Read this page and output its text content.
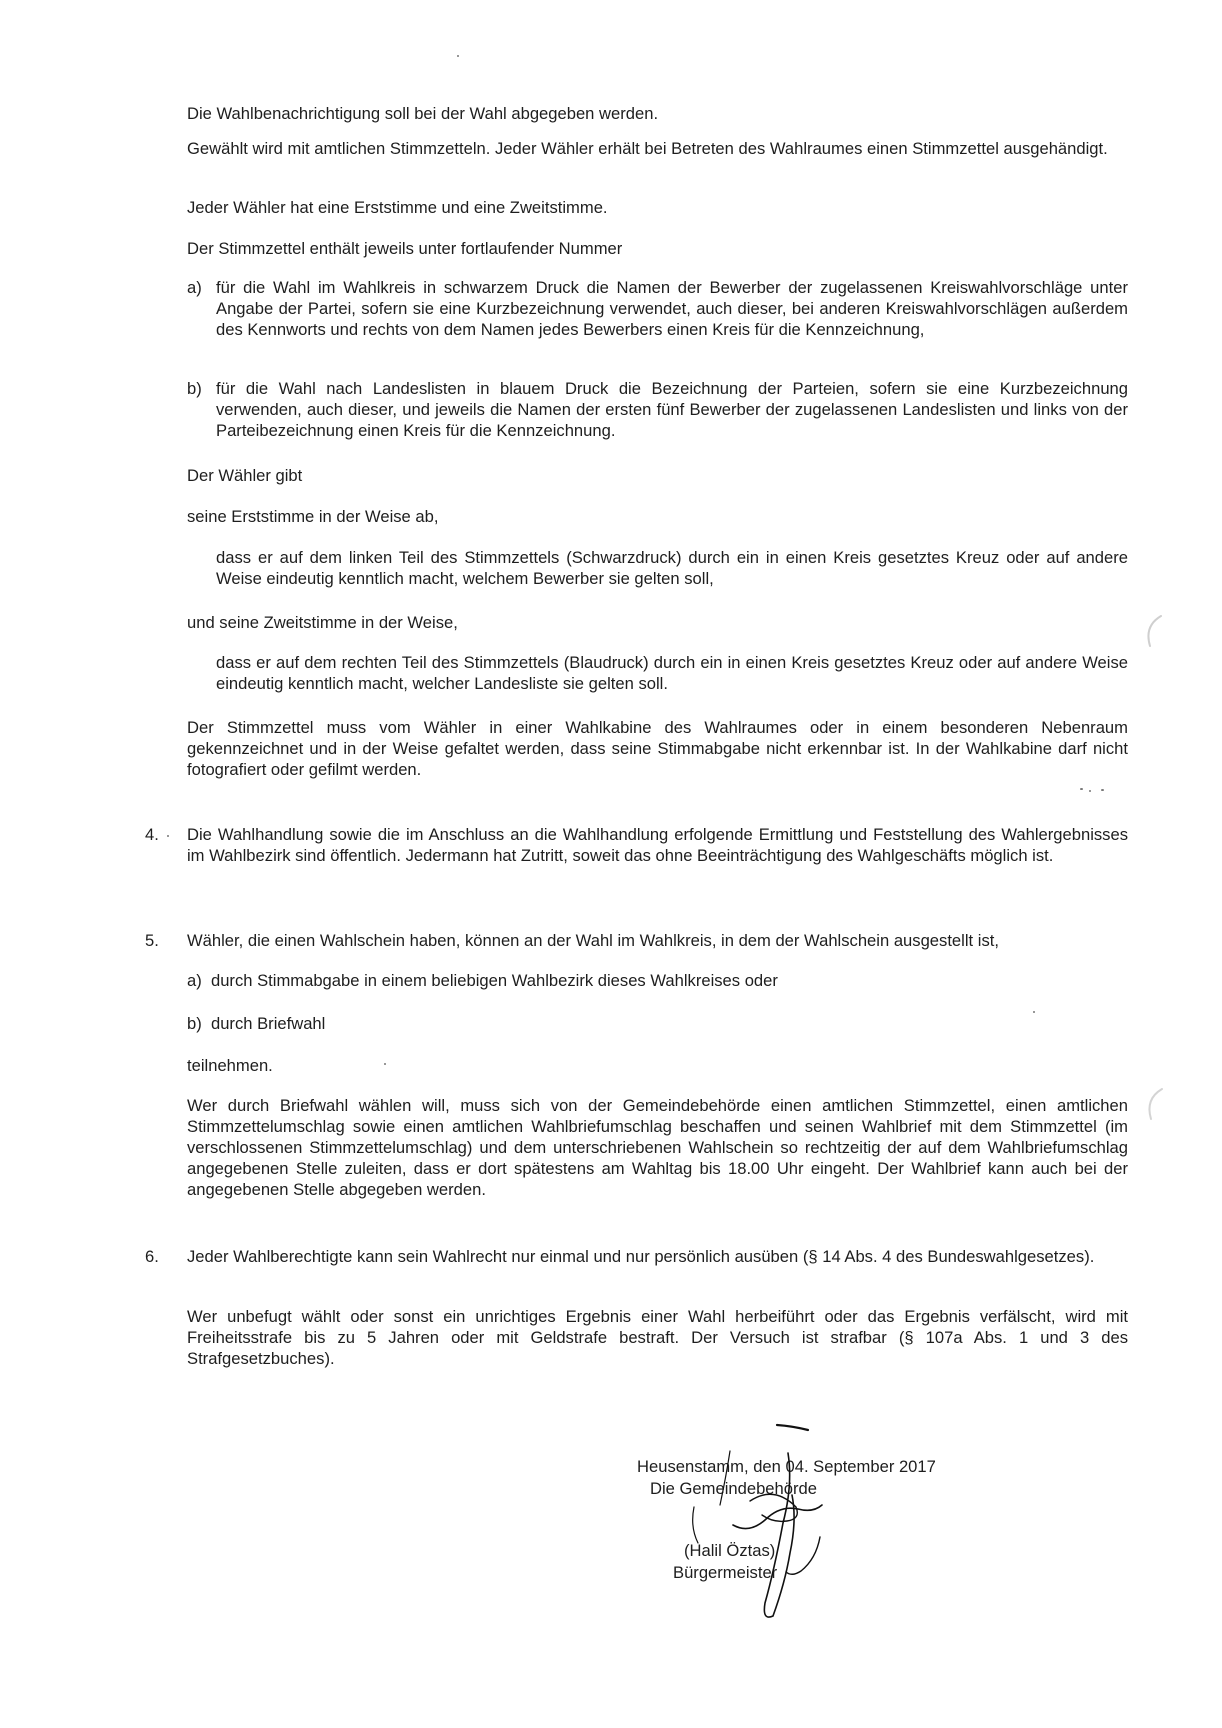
Die Wahlbenachrichtigung soll bei der Wahl abgegeben werden.

Gewählt wird mit amtlichen Stimmzetteln. Jeder Wähler erhält bei Betreten des Wahlraumes einen Stimmzettel ausgehändigt.

Jeder Wähler hat eine Erststimme und eine Zweitstimme.

Der Stimmzettel enthält jeweils unter fortlaufender Nummer

a) für die Wahl im Wahlkreis in schwarzem Druck die Namen der Bewerber der zugelassenen Kreiswahlvorschläge unter Angabe der Partei, sofern sie eine Kurzbezeichnung verwendet, auch dieser, bei anderen Kreiswahlvorschlägen außerdem des Kennworts und rechts von dem Namen jedes Bewerbers einen Kreis für die Kennzeichnung,

b) für die Wahl nach Landeslisten in blauem Druck die Bezeichnung der Parteien, sofern sie eine Kurzbezeichnung verwenden, auch dieser, und jeweils die Namen der ersten fünf Bewerber der zugelassenen Landeslisten und links von der Parteibezeichnung einen Kreis für die Kennzeichnung.

Der Wähler gibt

seine Erststimme in der Weise ab,

dass er auf dem linken Teil des Stimmzettels (Schwarzdruck) durch ein in einen Kreis gesetztes Kreuz oder auf andere Weise eindeutig kenntlich macht, welchem Bewerber sie gelten soll,

und seine Zweitstimme in der Weise,

dass er auf dem rechten Teil des Stimmzettels (Blaudruck) durch ein in einen Kreis gesetztes Kreuz oder auf andere Weise eindeutig kenntlich macht, welcher Landesliste sie gelten soll.

Der Stimmzettel muss vom Wähler in einer Wahlkabine des Wahlraumes oder in einem besonderen Nebenraum gekennzeichnet und in der Weise gefaltet werden, dass seine Stimmabgabe nicht erkennbar ist. In der Wahlkabine darf nicht fotografiert oder gefilmt werden.

4. Die Wahlhandlung sowie die im Anschluss an die Wahlhandlung erfolgende Ermittlung und Feststellung des Wahlergebnisses im Wahlbezirk sind öffentlich. Jedermann hat Zutritt, soweit das ohne Beeinträchtigung des Wahlgeschäfts möglich ist.

5. Wähler, die einen Wahlschein haben, können an der Wahl im Wahlkreis, in dem der Wahlschein ausgestellt ist,

a)  durch Stimmabgabe in einem beliebigen Wahlbezirk dieses Wahlkreises oder

b)  durch Briefwahl

teilnehmen.

Wer durch Briefwahl wählen will, muss sich von der Gemeindebehörde einen amtlichen Stimmzettel, einen amtlichen Stimmzettelumschlag sowie einen amtlichen Wahlbriefumschlag beschaffen und seinen Wahlbrief mit dem Stimmzettel (im verschlossenen Stimmzettelumschlag) und dem unterschriebenen Wahlschein so rechtzeitig der auf dem Wahlbriefumschlag angegebenen Stelle zuleiten, dass er dort spätestens am Wahltag bis 18.00 Uhr eingeht. Der Wahlbrief kann auch bei der angegebenen Stelle abgegeben werden.

6. Jeder Wahlberechtigte kann sein Wahlrecht nur einmal und nur persönlich ausüben (§ 14 Abs. 4 des Bundeswahlgesetzes).

Wer unbefugt wählt oder sonst ein unrichtiges Ergebnis einer Wahl herbeiführt oder das Ergebnis verfälscht, wird mit Freiheitsstrafe bis zu 5 Jahren oder mit Geldstrafe bestraft. Der Versuch ist strafbar (§ 107a Abs. 1 und 3 des Strafgesetzbuches).

Heusenstamm, den 04. September 2017

Die Gemeindebehörde

(Halil Öztas)

Bürgermeister
